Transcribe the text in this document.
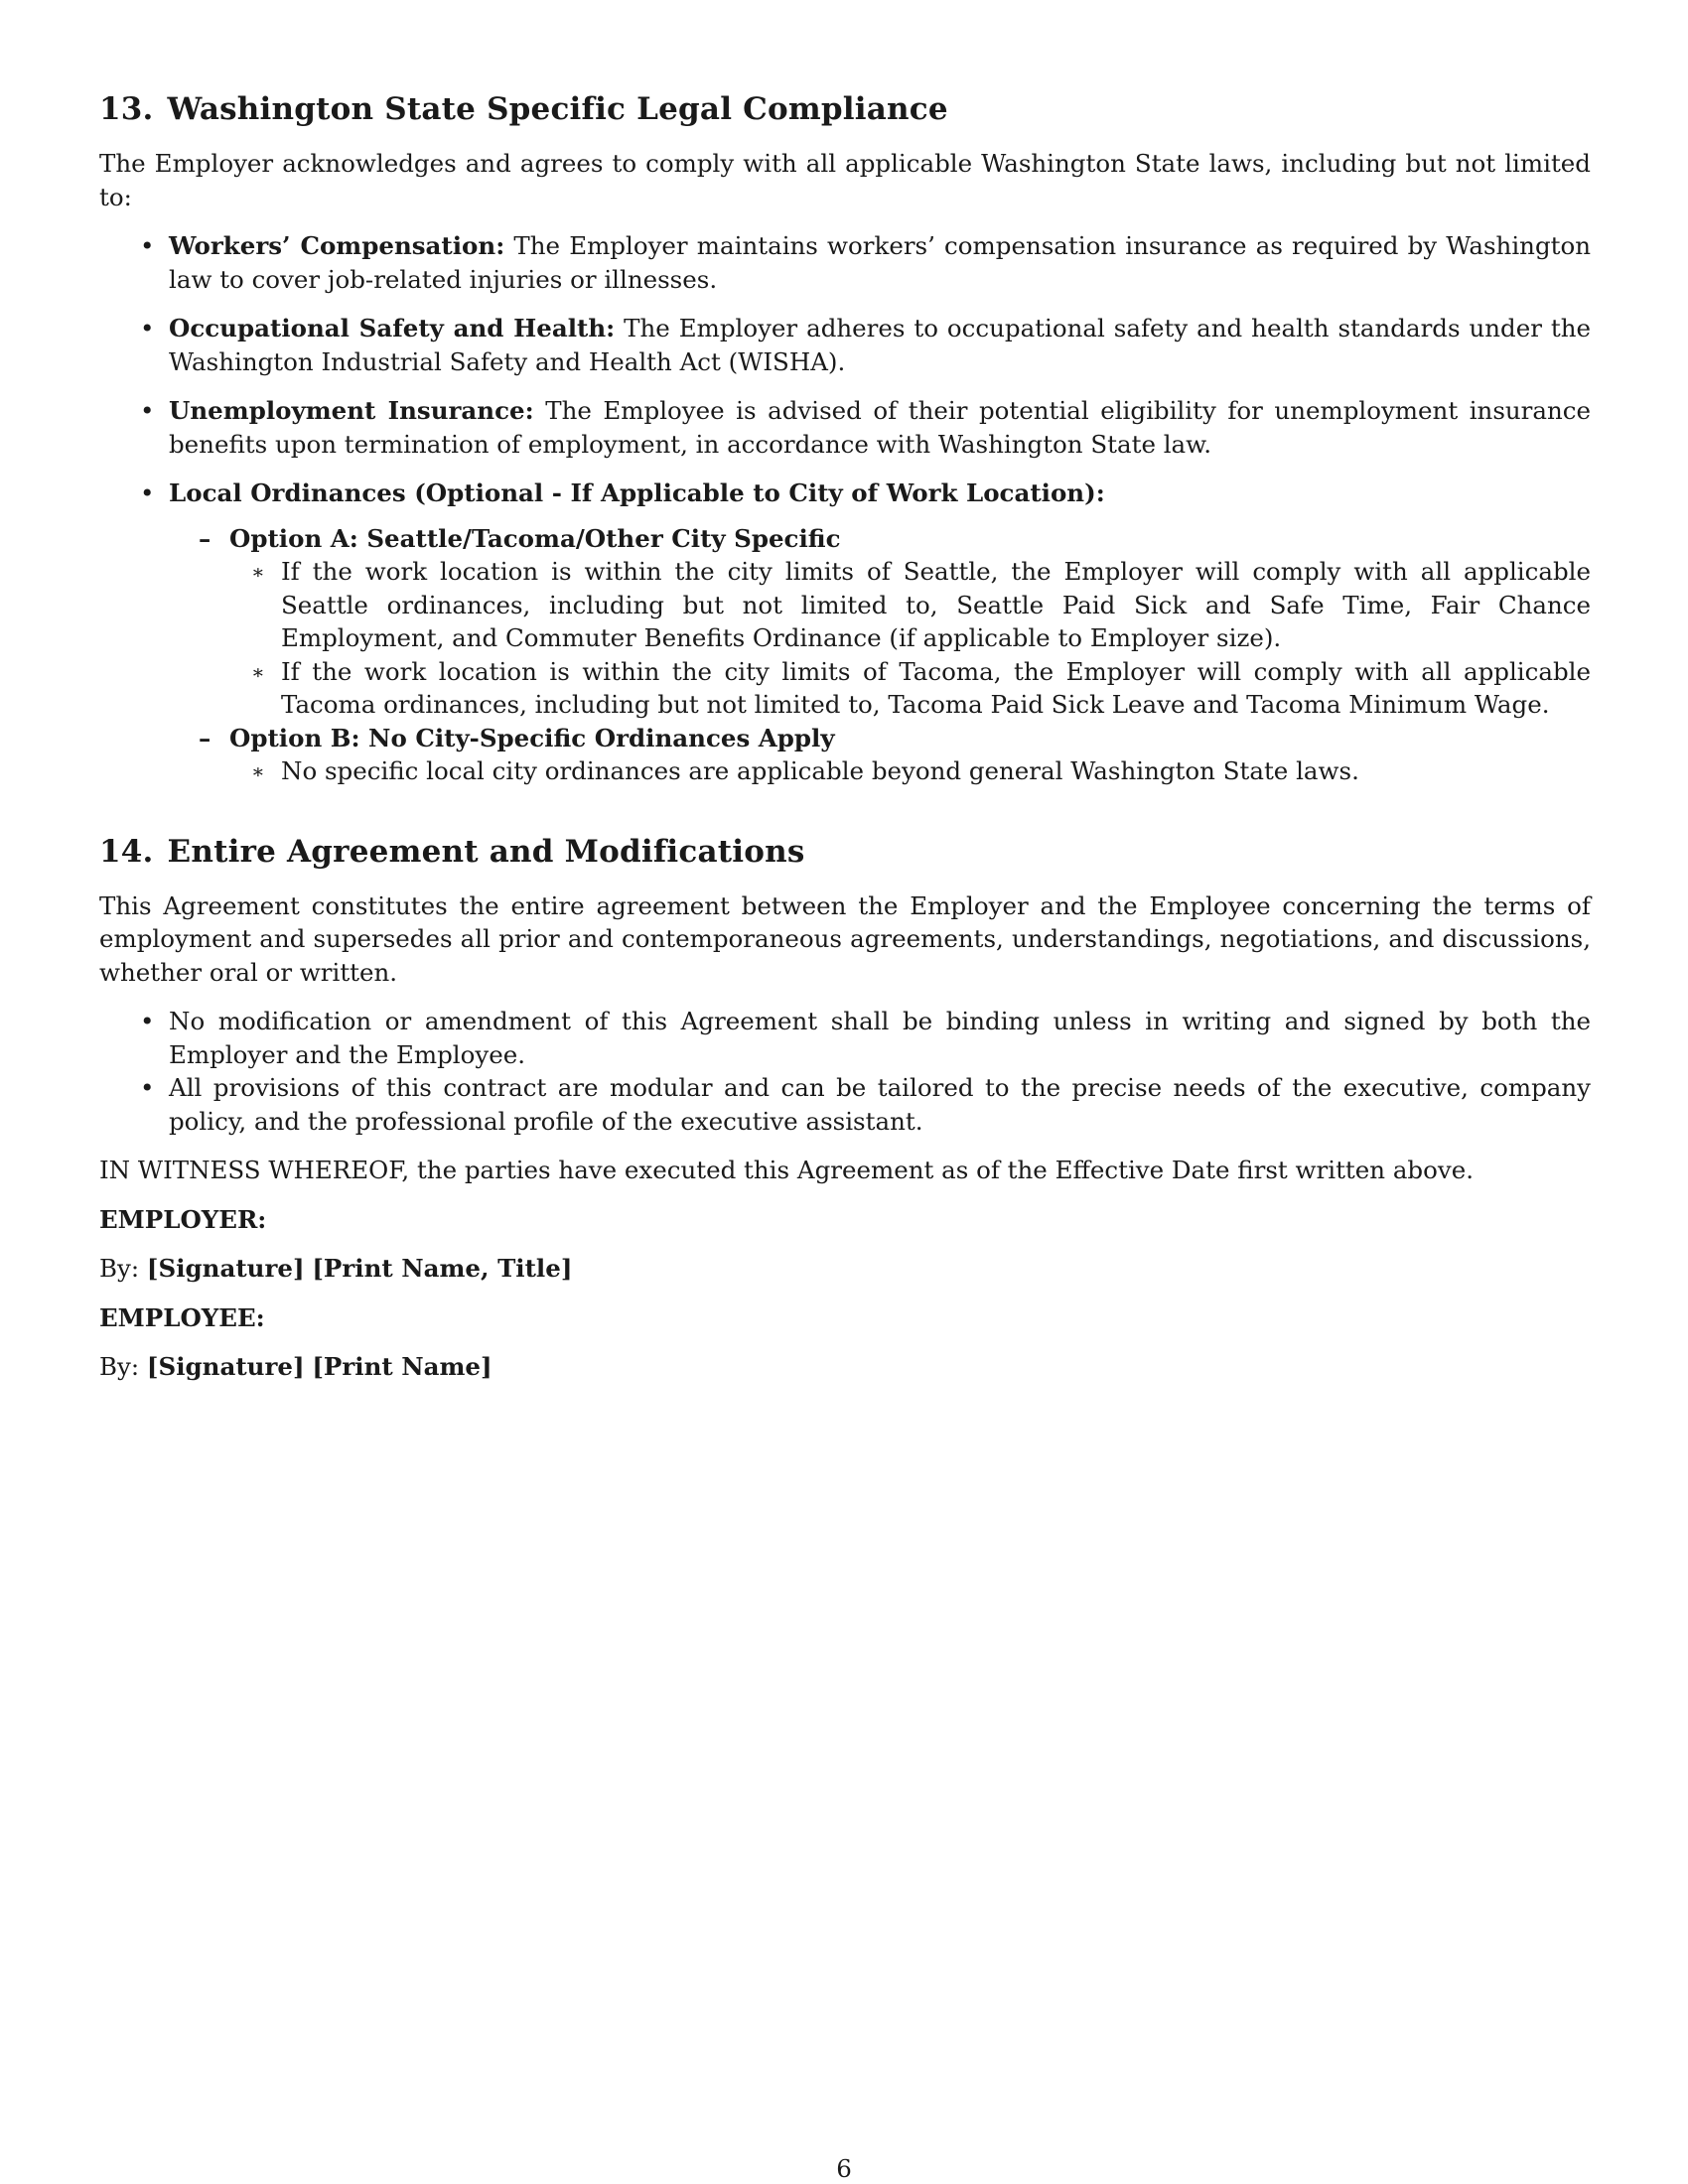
13. Washington State Specific Legal Compliance

The Employer acknowledges and agrees to comply with all applicable Washington State laws, including but not limited to:

• Workers’ Compensation: The Employer maintains workers’ compensation insurance as required by Washington law to cover job-related injuries or illnesses.
• Occupational Safety and Health: The Employer adheres to occupational safety and health standards under the Washington Industrial Safety and Health Act (WISHA).
• Unemployment Insurance: The Employee is advised of their potential eligibility for unemployment insurance benefits upon termination of employment, in accordance with Washington State law.
• Local Ordinances (Optional - If Applicable to City of Work Location):
– Option A: Seattle/Tacoma/Other City Specific
∗ If the work location is within the city limits of Seattle, the Employer will comply with all applicable Seattle ordinances, including but not limited to, Seattle Paid Sick and Safe Time, Fair Chance Employment, and Commuter Benefits Ordinance (if applicable to Employer size).
∗ If the work location is within the city limits of Tacoma, the Employer will comply with all applicable Tacoma ordinances, including but not limited to, Tacoma Paid Sick Leave and Tacoma Minimum Wage.
– Option B: No City-Specific Ordinances Apply
∗ No specific local city ordinances are applicable beyond general Washington State laws.
14. Entire Agreement and Modifications

This Agreement constitutes the entire agreement between the Employer and the Employee concerning the terms of employment and supersedes all prior and contemporaneous agreements, understandings, negotiations, and discussions, whether oral or written.

• No modification or amendment of this Agreement shall be binding unless in writing and signed by both the Employer and the Employee.
• All provisions of this contract are modular and can be tailored to the precise needs of the executive, company policy, and the professional profile of the executive assistant.

IN WITNESS WHEREOF, the parties have executed this Agreement as of the Effective Date first written above.

EMPLOYER:

By: [Signature] [Print Name, Title]

EMPLOYEE:

By: [Signature] [Print Name]

6
